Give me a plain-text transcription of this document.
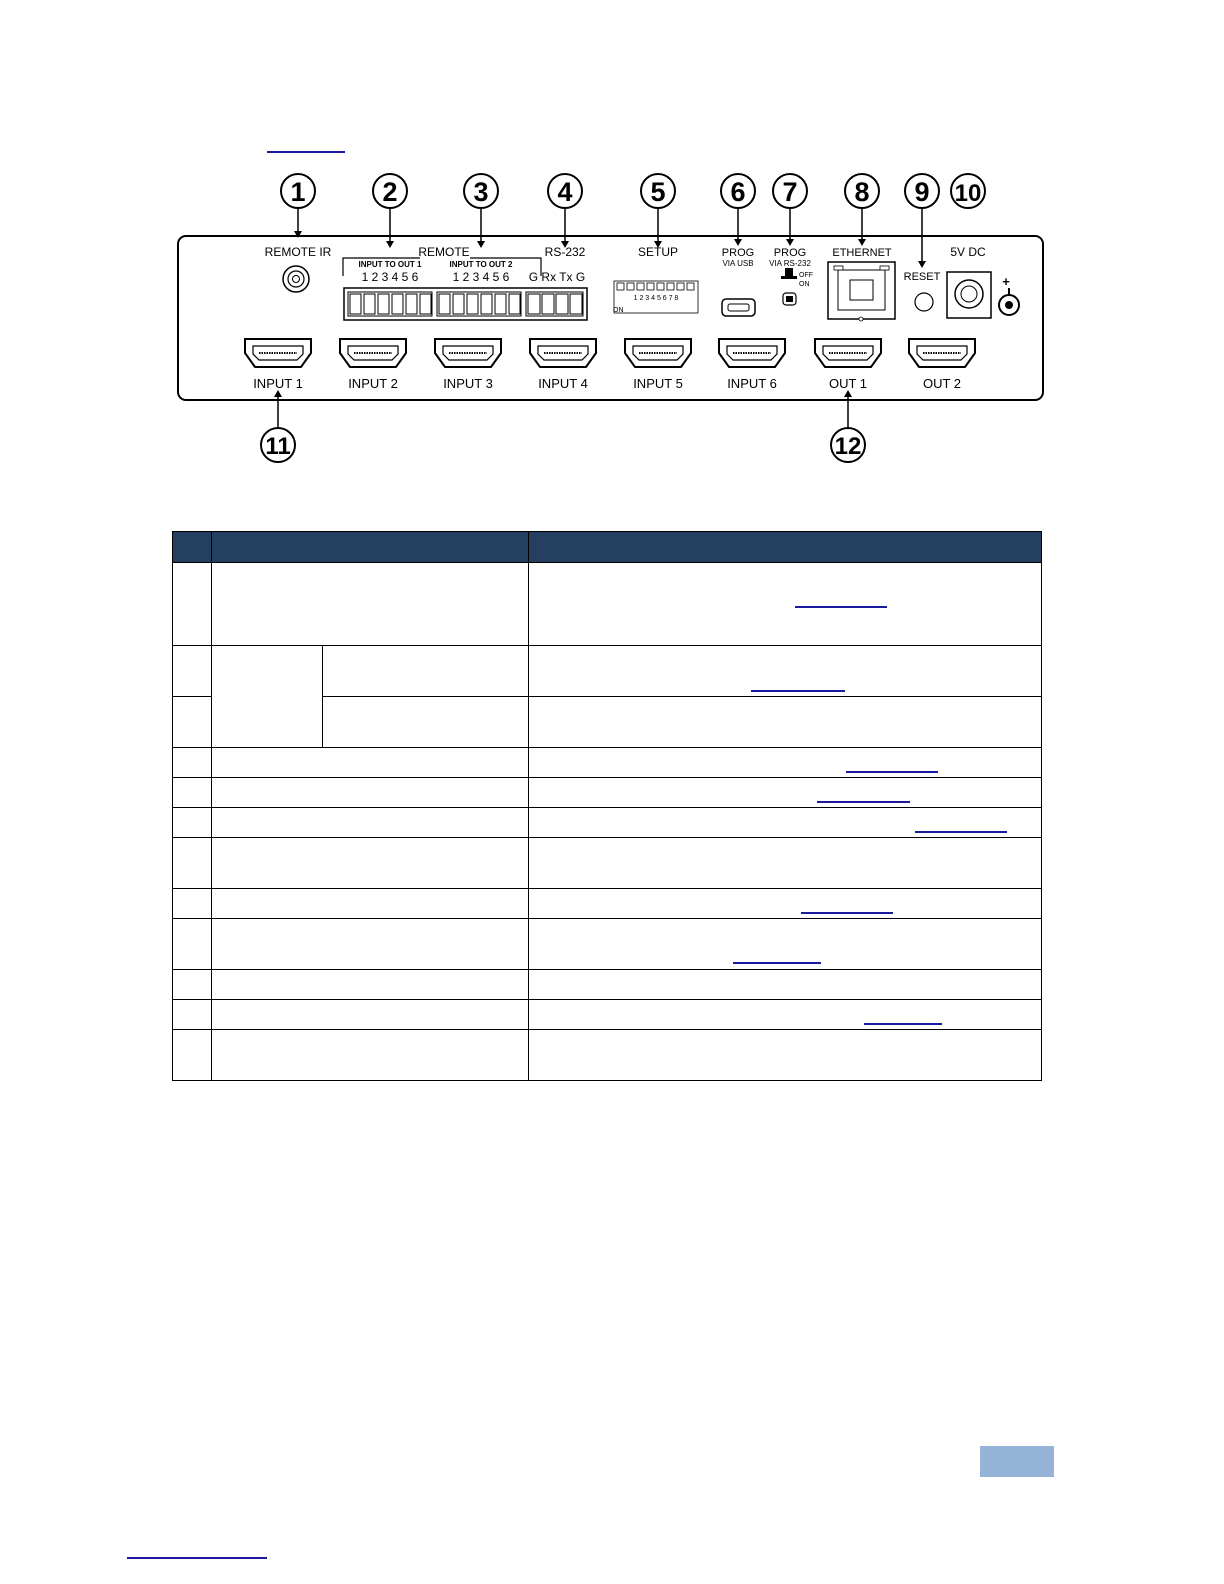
1	2	3	4	5 6 7 8 9 10
11	12
REMOTE IR	REMOTE
INPUT TO OUT 1	INPUT TO OUT 2
1 2 3 4 5 6	1 2 3 4 5 6
RS-232
G Rx Tx G
SETUP
1 2 3 4 5 6 7 8
ON
PROG
VIA USB
PROG
VIA RS-232
OFF
ON
ETHERNET
RESET
5V DC
+
INPUT 1	INPUT 2	INPUT 3	INPUT 4	INPUT 5	INPUT 6	OUT 1	OUT 2
